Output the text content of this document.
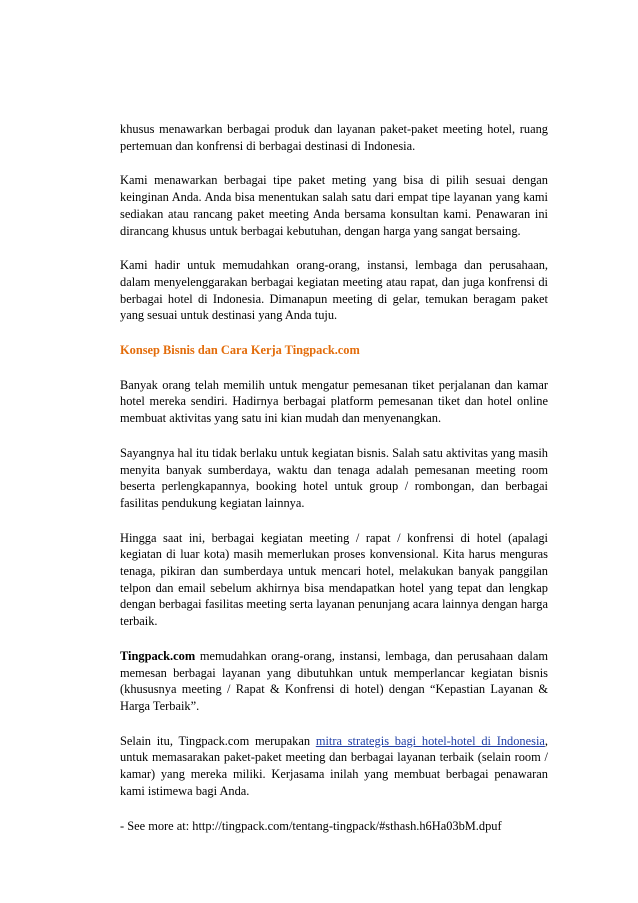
khusus menawarkan berbagai produk dan layanan paket-paket meeting hotel, ruang pertemuan dan konfrensi di berbagai destinasi di Indonesia.

Kami menawarkan berbagai tipe paket meting yang bisa di pilih sesuai dengan keinginan Anda. Anda bisa menentukan salah satu dari empat tipe layanan yang kami sediakan atau rancang paket meeting Anda bersama konsultan kami. Penawaran ini dirancang khusus untuk berbagai kebutuhan, dengan harga yang sangat bersaing.

Kami hadir untuk memudahkan orang-orang, instansi, lembaga dan perusahaan, dalam menyelenggarakan berbagai kegiatan meeting atau rapat, dan juga konfrensi di berbagai hotel di Indonesia. Dimanapun meeting di gelar, temukan beragam paket yang sesuai untuk destinasi yang Anda tuju.

Konsep Bisnis dan Cara Kerja Tingpack.com

Banyak orang telah memilih untuk mengatur pemesanan tiket perjalanan dan kamar hotel mereka sendiri. Hadirnya berbagai platform pemesanan tiket dan hotel online membuat aktivitas yang satu ini kian mudah dan menyenangkan.

Sayangnya hal itu tidak berlaku untuk kegiatan bisnis. Salah satu aktivitas yang masih menyita banyak sumberdaya, waktu dan tenaga adalah pemesanan meeting room beserta perlengkapannya, booking hotel untuk group / rombongan, dan berbagai fasilitas pendukung kegiatan lainnya.

Hingga saat ini, berbagai kegiatan meeting / rapat / konfrensi di hotel (apalagi kegiatan di luar kota) masih memerlukan proses konvensional. Kita harus menguras tenaga, pikiran dan sumberdaya untuk mencari hotel, melakukan banyak panggilan telpon dan email sebelum akhirnya bisa mendapatkan hotel yang tepat dan lengkap dengan berbagai fasilitas meeting serta layanan penunjang acara lainnya dengan harga terbaik.

Tingpack.com memudahkan orang-orang, instansi, lembaga, dan perusahaan dalam memesan berbagai layanan yang dibutuhkan untuk memperlancar kegiatan bisnis (khususnya meeting / Rapat & Konfrensi di hotel) dengan “Kepastian Layanan & Harga Terbaik”.

Selain itu, Tingpack.com merupakan mitra strategis bagi hotel-hotel di Indonesia, untuk memasarakan paket-paket meeting dan berbagai layanan terbaik (selain room / kamar) yang mereka miliki. Kerjasama inilah yang membuat berbagai penawaran kami istimewa bagi Anda.

- See more at: http://tingpack.com/tentang-tingpack/#sthash.h6Ha03bM.dpuf
